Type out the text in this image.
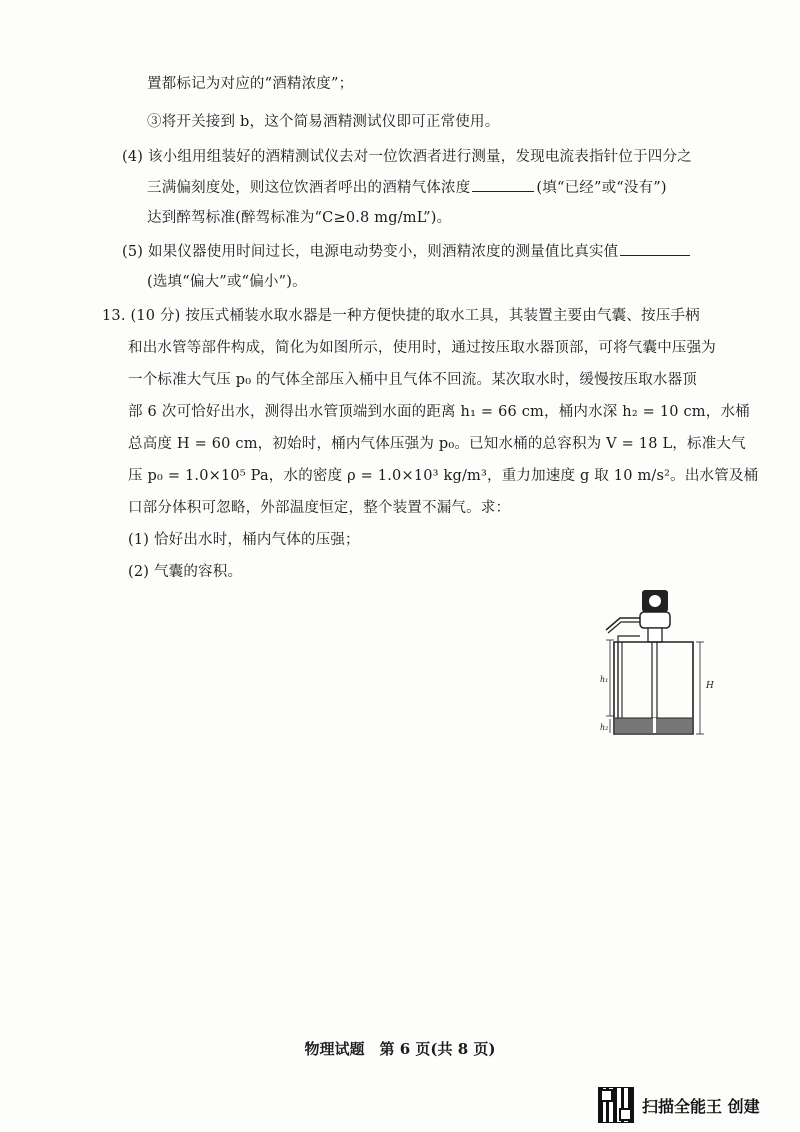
置都标记为对应的“酒精浓度”；
③将开关接到 b，这个简易酒精测试仪即可正常使用。
(4) 该小组用组装好的酒精测试仪去对一位饮酒者进行测量，发现电流表指针位于四分之
三满偏刻度处，则这位饮酒者呼出的酒精气体浓度	(填“已经”或“没有”)
达到醉驾标准(醉驾标准为“C≥0.8 mg/mL”)。
(5) 如果仪器使用时间过长，电源电动势变小，则酒精浓度的测量值比真实值
(选填“偏大”或“偏小”)。
13. (10 分) 按压式桶装水取水器是一种方便快捷的取水工具，其装置主要由气囊、按压手柄
和出水管等部件构成，简化为如图所示，使用时，通过按压取水器顶部，可将气囊中压强为
一个标准大气压 p₀ 的气体全部压入桶中且气体不回流。某次取水时，缓慢按压取水器顶
部 6 次可恰好出水，测得出水管顶端到水面的距离 h₁ = 66 cm，桶内水深 h₂ = 10 cm，水桶
总高度 H = 60 cm，初始时，桶内气体压强为 p₀。已知水桶的总容积为 V = 18 L，标准大气
压 p₀ = 1.0×10⁵ Pa，水的密度 ρ = 1.0×10³ kg/m³，重力加速度 g 取 10 m/s²。出水管及桶
口部分体积可忽略，外部温度恒定，整个装置不漏气。求：
(1) 恰好出水时，桶内气体的压强；
(2) 气囊的容积。
h₁
h₂
H
物理试题　第 6 页(共 8 页)
扫描全能王 创建
